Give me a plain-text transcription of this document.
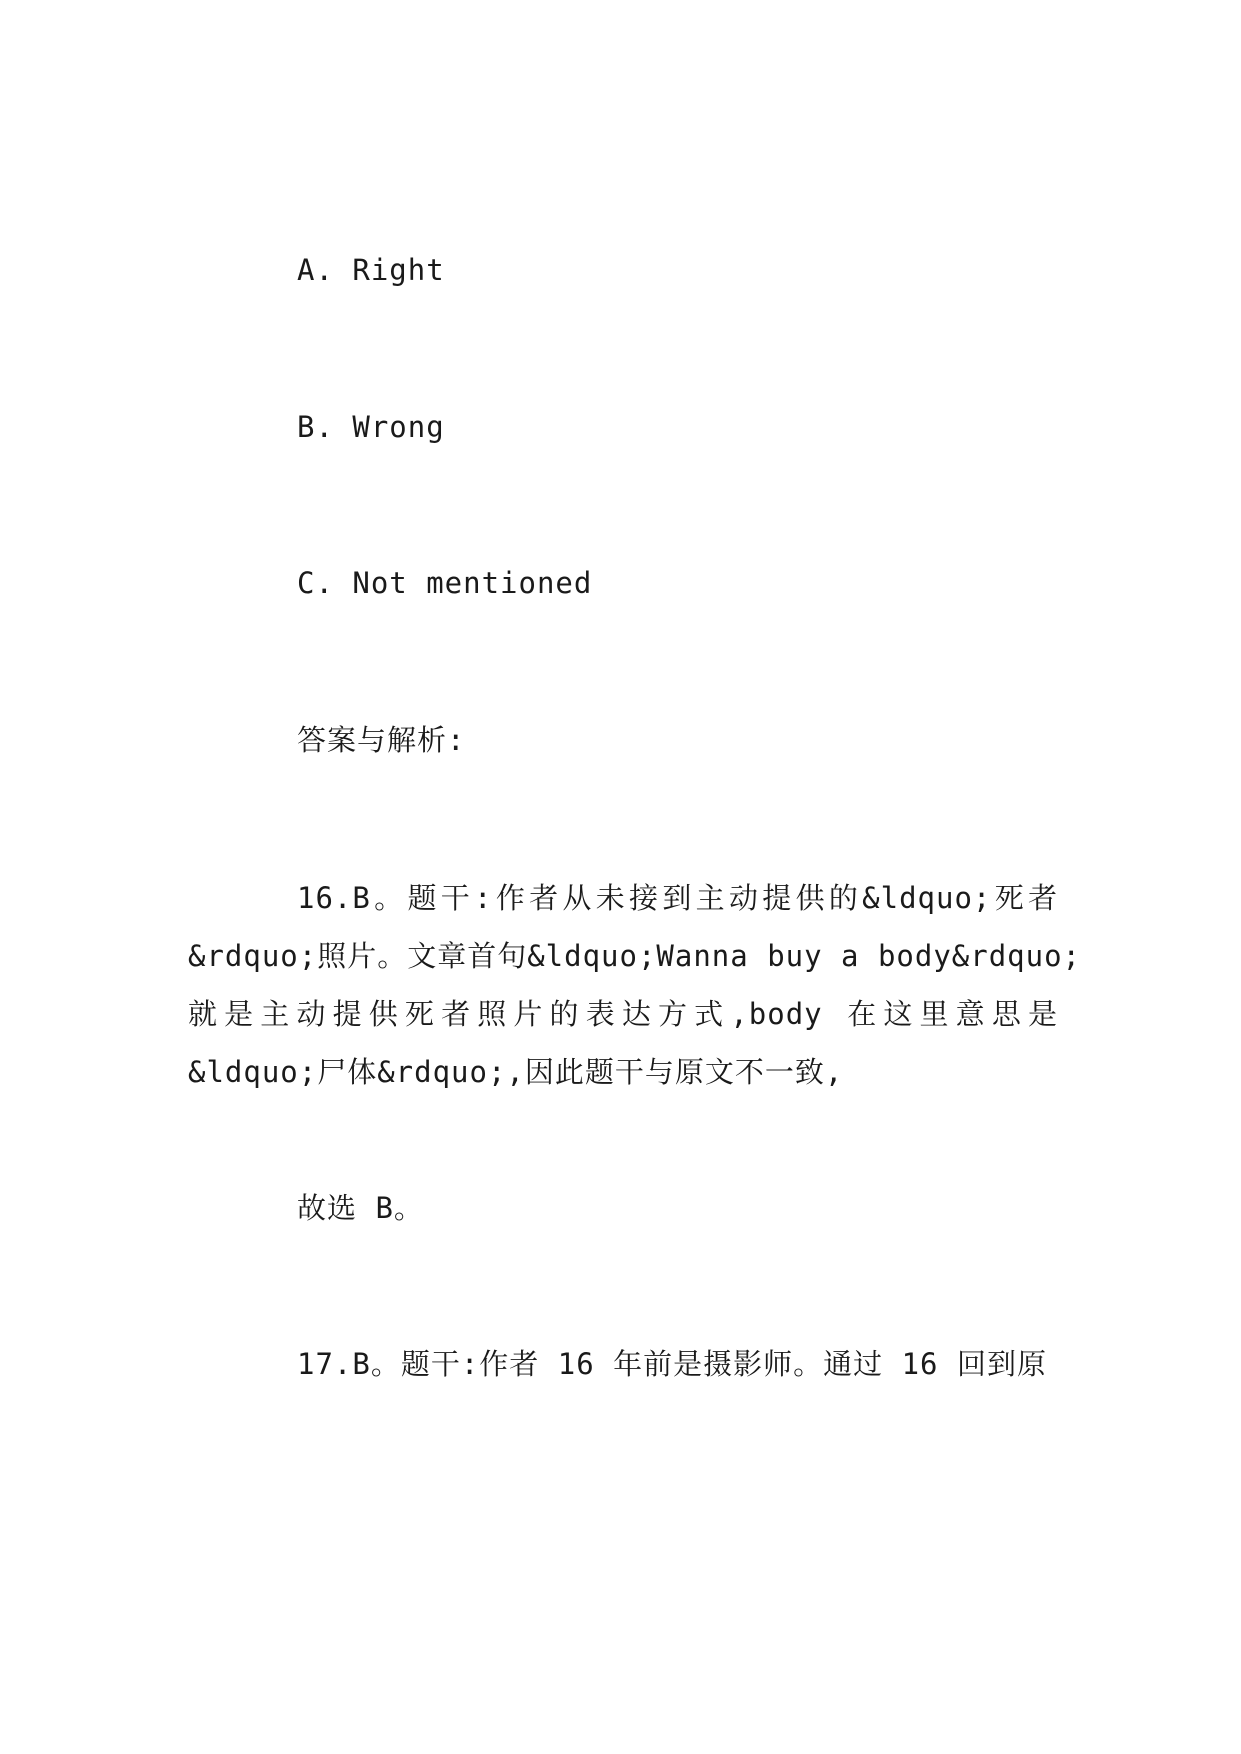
A. Right
B. Wrong
C. Not mentioned
答案与解析:
16.B。题干:作者从未接到主动提供的&ldquo;死者
&rdquo;照片。文章首句&ldquo;Wanna buy a body&rdquo;
就是主动提供死者照片的表达方式,body 在这里意思是
&ldquo;尸体&rdquo;,因此题干与原文不一致,
故选 B。
17.B。题干:作者 16 年前是摄影师。通过 16 回到原
